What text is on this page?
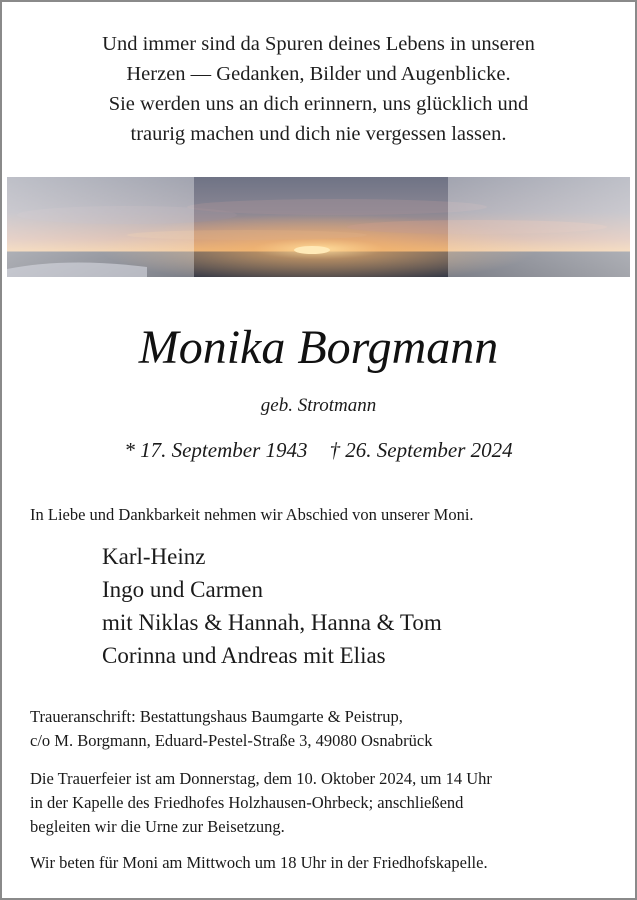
Und immer sind da Spuren deines Lebens in unseren
Herzen — Gedanken, Bilder und Augenblicke.
Sie werden uns an dich erinnern, uns glücklich und
traurig machen und dich nie vergessen lassen.
Monika Borgmann
geb. Strotmann
* 17. September 1943 † 26. September 2024
In Liebe und Dankbarkeit nehmen wir Abschied von unserer Moni.
Karl-Heinz
Ingo und Carmen
mit Niklas & Hannah, Hanna & Tom
Corinna und Andreas mit Elias
Traueranschrift: Bestattungshaus Baumgarte & Peistrup,
c/o M. Borgmann, Eduard-Pestel-Straße 3, 49080 Osnabrück
Die Trauerfeier ist am Donnerstag, dem 10. Oktober 2024, um 14 Uhr
in der Kapelle des Friedhofes Holzhausen-Ohrbeck; anschließend
begleiten wir die Urne zur Beisetzung.
Wir beten für Moni am Mittwoch um 18 Uhr in der Friedhofskapelle.
